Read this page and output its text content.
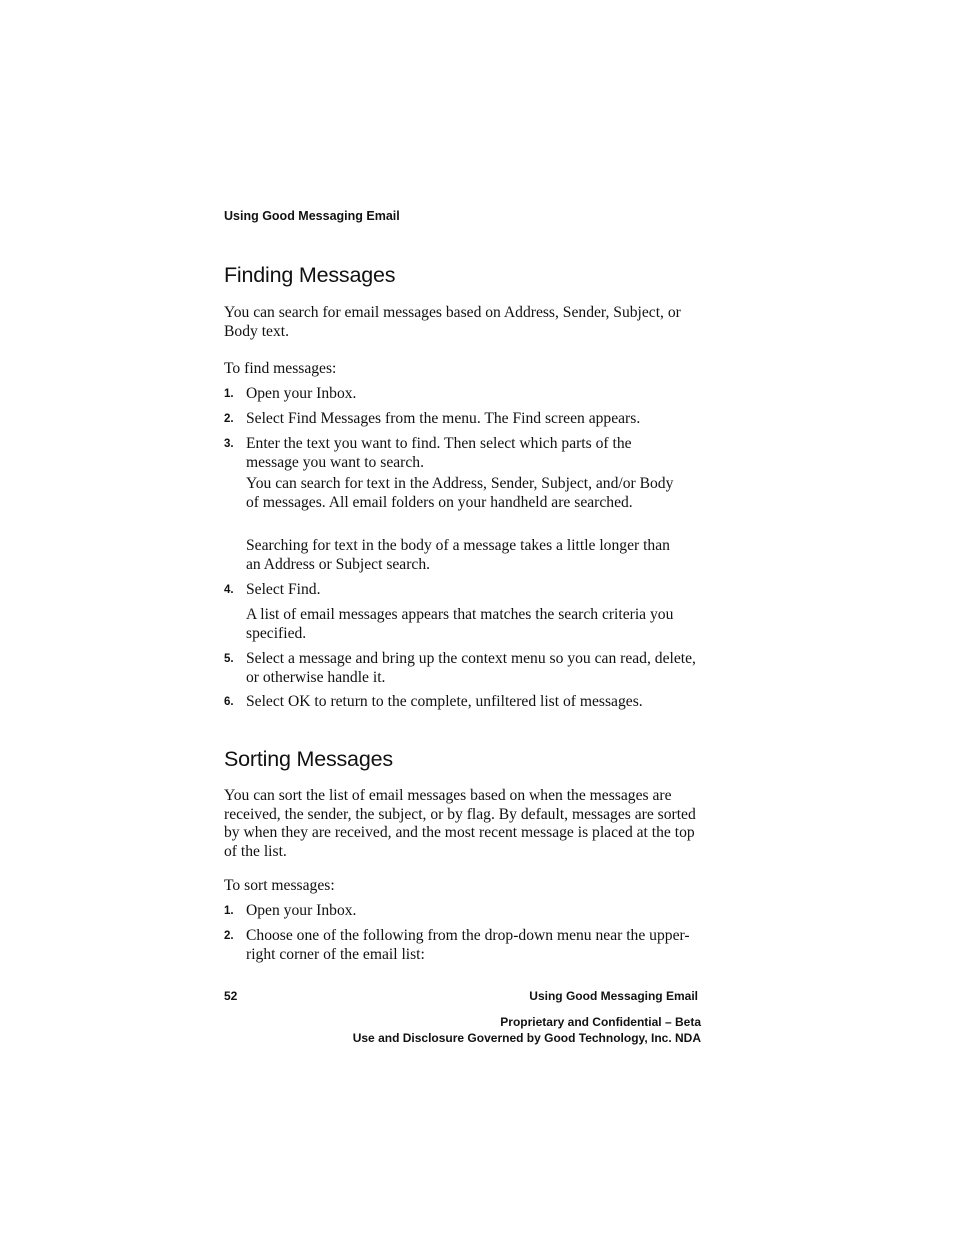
Using Good Messaging Email
Finding Messages

You can search for email messages based on Address, Sender, Subject, or Body text.

To find messages:

1. Open your Inbox.

2. Select Find Messages from the menu. The Find screen appears.

3. Enter the text you want to find. Then select which parts of the message you want to search.

You can search for text in the Address, Sender, Subject, and/or Body of messages. All email folders on your handheld are searched.

Searching for text in the body of a message takes a little longer than an Address or Subject search.

4. Select Find.

A list of email messages appears that matches the search criteria you specified.

5. Select a message and bring up the context menu so you can read, delete, or otherwise handle it.

6. Select OK to return to the complete, unfiltered list of messages.

Sorting Messages

You can sort the list of email messages based on when the messages are received, the sender, the subject, or by flag. By default, messages are sorted by when they are received, and the most recent message is placed at the top of the list.

To sort messages:

1. Open your Inbox.

2. Choose one of the following from the drop-down menu near the upper-right corner of the email list:

52	Using Good Messaging Email
Proprietary and Confidential – Beta
Use and Disclosure Governed by Good Technology, Inc. NDA
